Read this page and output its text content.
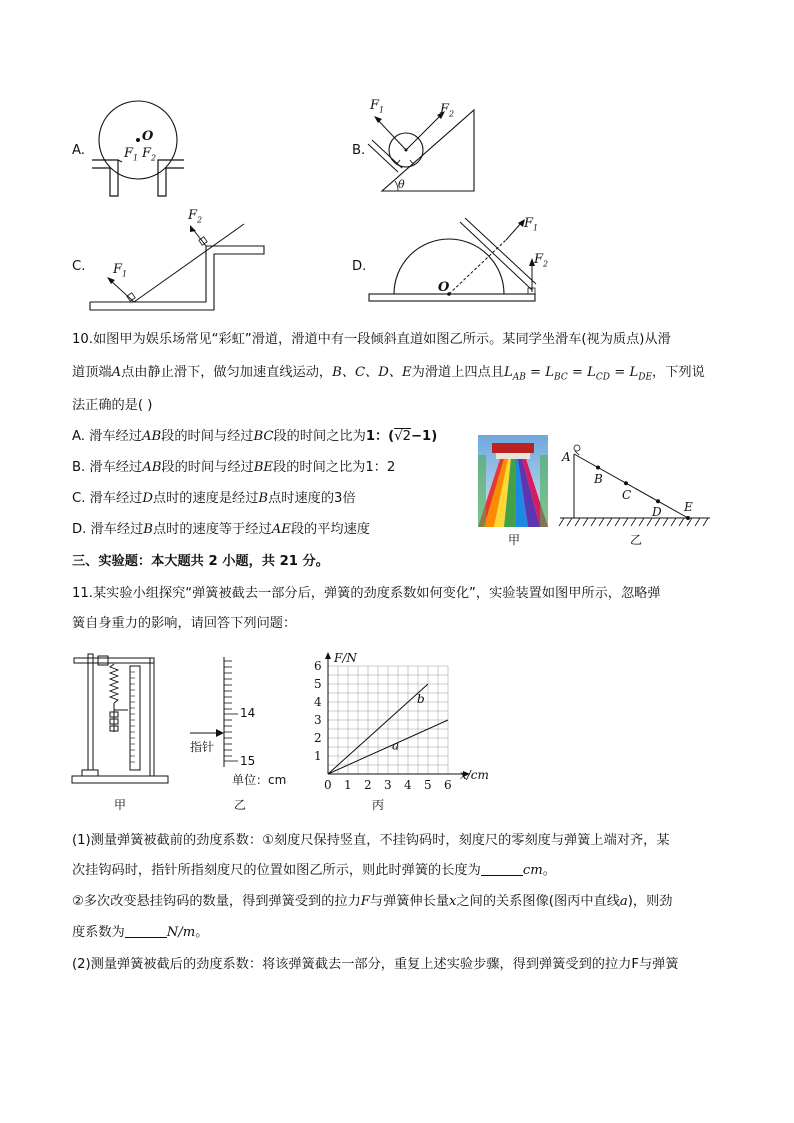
A.
O
$F_1$ $F_2$
B.
$F_1$	$F_2$
θ
C. $F_1$
$F_2$
D.
O
$F_1$
$F_2$
10.如图甲为娱乐场常见“彩虹”滑道，滑道中有一段倾斜直道如图乙所示。某同学坐滑车(视为质点)从滑
道顶端A点由静止滑下，做匀加速直线运动，B、C、D、E为滑道上四点且$L_{AB} = L_{BC} = L_{CD} = L_{DE}$，下列说
法正确的是( )
A. 滑车经过AB段的时间与经过BC段的时间之比为1：(√2−1)
B. 滑车经过AB段的时间与经过BE段的时间之比为1：2
C. 滑车经过D点时的速度是经过B点时速度的3倍
D. 滑车经过B点时的速度等于经过AE段的平均速度
甲
A
B
C
D E
乙
三、实验题：本大题共 2 小题，共 21 分。
11.某实验小组探究“弹簧被截去一部分后，弹簧的劲度系数如何变化”，实验装置如图甲所示，忽略弹
簧自身重力的影响，请回答下列问题：
甲
14
15
指针
单位：cm
乙
0 1 2 3 4 5 6
1
2
3
4
5
6
x/cm
F/N
a
b
丙
(1)测量弹簧被截前的劲度系数：①刻度尺保持竖直，不挂钩码时，刻度尺的零刻度与弹簧上端对齐，某
次挂钩码时，指针所指刻度尺的位置如图乙所示，则此时弹簧的长度为	cm。
②多次改变悬挂钩码的数量，得到弹簧受到的拉力F与弹簧伸长量x之间的关系图像(图丙中直线a)，则劲
度系数为	N/m。
(2)测量弹簧被截后的劲度系数：将该弹簧截去一部分，重复上述实验步骤，得到弹簧受到的拉力F与弹簧
